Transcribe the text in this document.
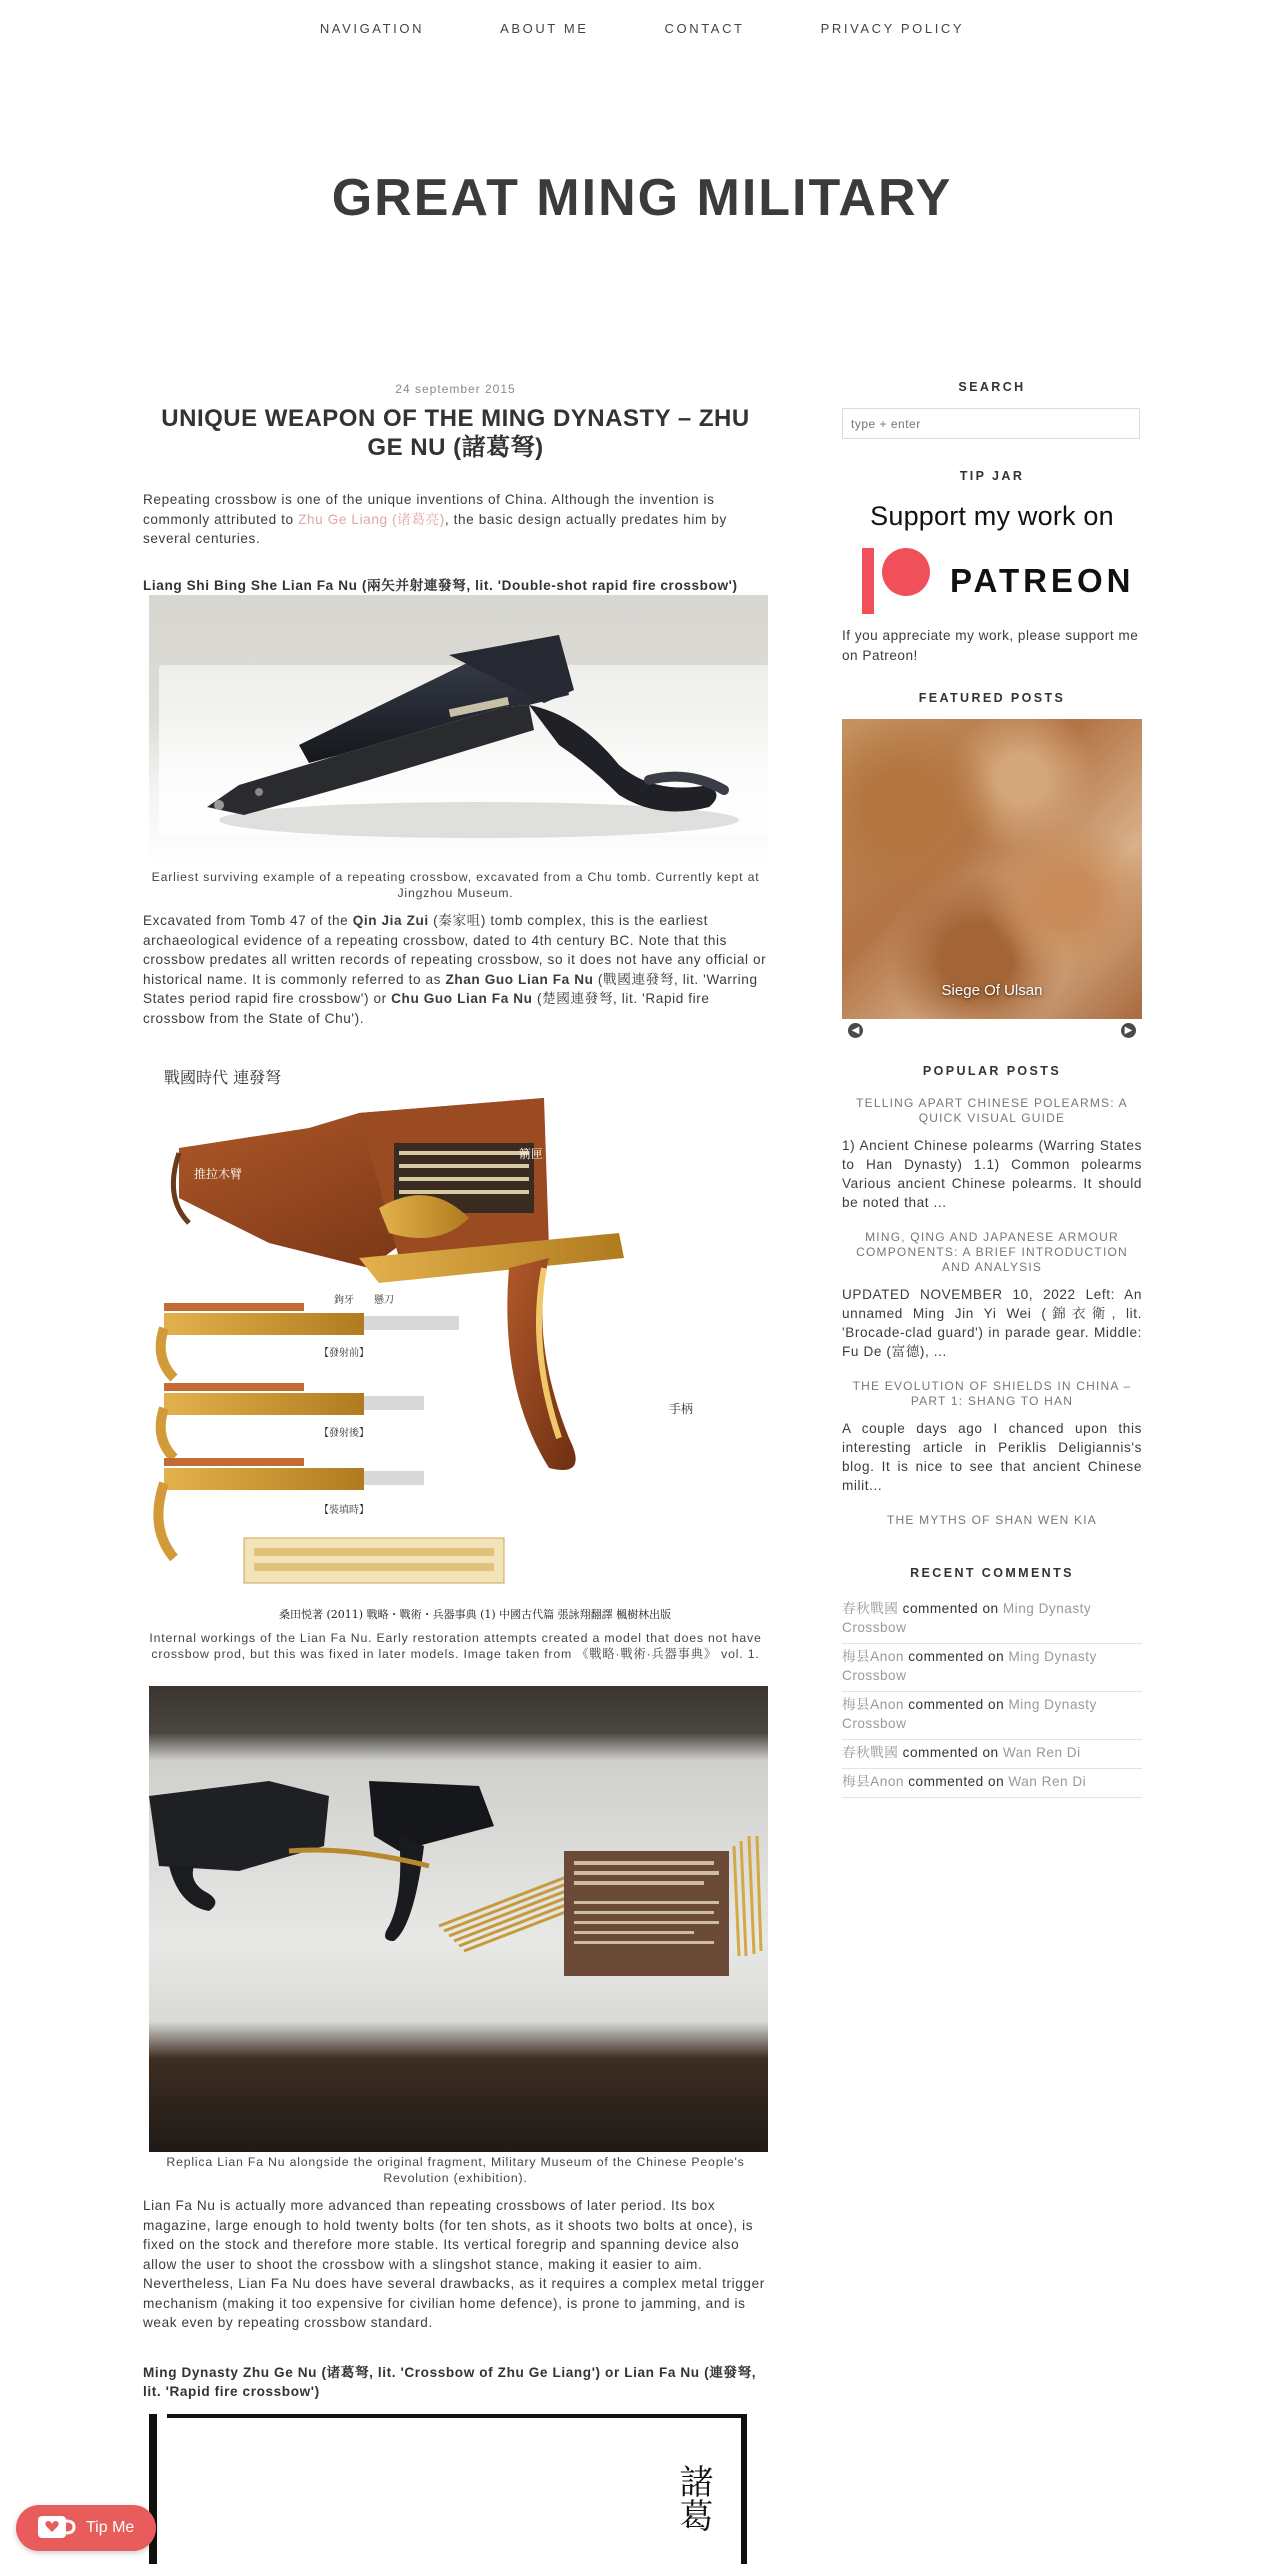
NAVIGATION	ABOUT ME	CONTACT	PRIVACY POLICY
GREAT MING MILITARY
24 september 2015
UNIQUE WEAPON OF THE MING DYNASTY – ZHU GE NU (諸葛弩)

Repeating crossbow is one of the unique inventions of China. Although the invention is commonly attributed to Zhu Ge Liang (诸葛亮), the basic design actually predates him by several centuries.

Liang Shi Bing She Lian Fa Nu (兩矢并射連發弩, lit. 'Double-shot rapid fire crossbow')
Earliest surviving example of a repeating crossbow, excavated from a Chu tomb. Currently kept at Jingzhou Museum.

Excavated from Tomb 47 of the Qin Jia Zui (秦家咀) tomb complex, this is the earliest archaeological evidence of a repeating crossbow, dated to 4th century BC. Note that this crossbow predates all written records of repeating crossbow, so it does not have any official or historical name. It is commonly referred to as Zhan Guo Lian Fa Nu (戰國連發弩, lit. 'Warring States period rapid fire crossbow') or Chu Guo Lian Fa Nu (楚國連發弩, lit. 'Rapid fire crossbow from the State of Chu').

戰國時代 連發弩
推拉木臂
箭匣
手柄
【發射前】
鉤牙 懸刀
【發射後】
【裝填時】
桑田悦著 (2011) 戰略・戰術・兵器事典 (1) 中國古代篇 張詠翔翻譯 楓樹林出版
Internal workings of the Lian Fa Nu. Early restoration attempts created a model that does not have crossbow prod, but this was fixed in later models. Image taken from 《戰略·戰術·兵器事典》 vol. 1.
Replica Lian Fa Nu alongside the original fragment, Military Museum of the Chinese People's Revolution (exhibition).

Lian Fa Nu is actually more advanced than repeating crossbows of later period. Its box magazine, large enough to hold twenty bolts (for ten shots, as it shoots two bolts at once), is fixed on the stock and therefore more stable. Its vertical foregrip and spanning device also allow the user to shoot the crossbow with a slingshot stance, making it easier to aim. Nevertheless, Lian Fa Nu does have several drawbacks, as it requires a complex metal trigger mechanism (making it too expensive for civilian home defence), is prone to jamming, and is weak even by repeating crossbow standard.

Ming Dynasty Zhu Ge Nu (诸葛弩, lit. 'Crossbow of Zhu Ge Liang') or Lian Fa Nu (連發弩, lit. 'Rapid fire crossbow')
諸葛
SEARCH
type + enter
TIP JAR
Support my work on
PATREON
If you appreciate my work, please support me on Patreon!
FEATURED POSTS
Siege Of Ulsan
◀	▶
POPULAR POSTS
TELLING APART CHINESE POLEARMS: A QUICK VISUAL GUIDE
1) Ancient Chinese polearms (Warring States to Han Dynasty) 1.1) Common polearms Various ancient Chinese polearms. It should be noted that ...
MING, QING AND JAPANESE ARMOUR COMPONENTS: A BRIEF INTRODUCTION AND ANALYSIS
UPDATED NOVEMBER 10, 2022 Left: An unnamed Ming Jin Yi Wei (錦衣衛, lit. 'Brocade-clad guard') in parade gear. Middle: Fu De (富德), ...
THE EVOLUTION OF SHIELDS IN CHINA – PART 1: SHANG TO HAN
A couple days ago I chanced upon this interesting article in Periklis Deligiannis's blog. It is nice to see that ancient Chinese milit...
THE MYTHS OF SHAN WEN KIA
RECENT COMMENTS
春秋戰國 commented on Ming Dynasty Crossbow
梅县Anon commented on Ming Dynasty Crossbow
梅县Anon commented on Ming Dynasty Crossbow
春秋戰國 commented on Wan Ren Di
梅县Anon commented on Wan Ren Di
Tip Me
